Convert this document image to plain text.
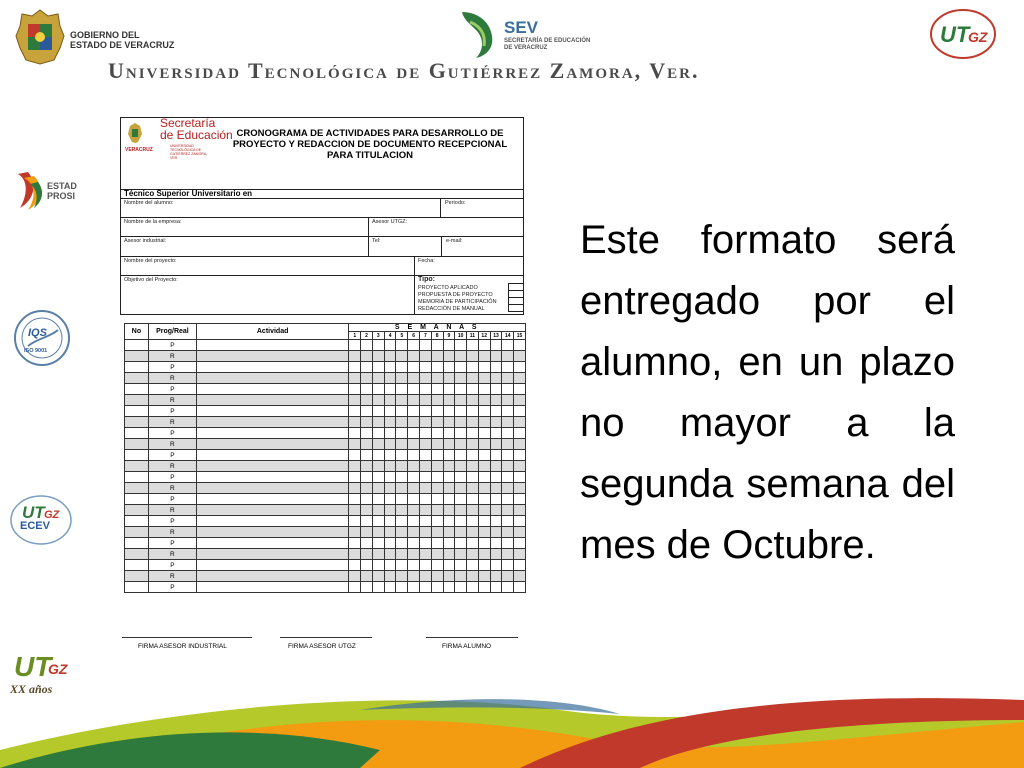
GOBIERNO DEL
ESTADO DE VERACRUZ
SEV
SECRETARÍA DE EDUCACIÓN
DE VERACRUZ
UT
GZ
Universidad Tecnológica de Gutiérrez Zamora, Ver.
ESTAD
PROSI
IQS
ISO 9001
UT GZ
ECEV
UT
GZ
XX años
VERACRUZ
Secretaría
de Educación
UNIVERSIDAD TECNOLÓGICA DE GUTIÉRREZ ZAMORA, VER.
CRONOGRAMA DE ACTIVIDADES PARA DESARROLLO DE PROYECTO Y REDACCION DE DOCUMENTO RECEPCIONAL PARA TITULACION
Técnico Superior Universitario en
Nombre del alumno:	Periodo:
Nombre de la empresa:	Asesor UTGZ:
Asesor industrial:	Tel:	e-mail:
Nombre del proyecto:	Fecha:
Objetivo del Proyecto:	Tipo:
PROYECTO APLICADO
PROPUESTA DE PROYECTO
MEMORIA DE PARTICIPACIÓN
REDACCIÓN DE MANUAL
No	Prog/Real	Actividad	S E M A N A S														
			1	2	3	4	5	6	7	8	9	10	11	12	13	14	15
	P																
	R																
	P																
	R																
	P																
	R																
	P																
	R																
	P																
	R																
	P																
	R																
	P																
	R																
	P																
	R																
	P																
	R																
	P																
	R																
	P																
	R																
	P																
FIRMA ASESOR INDUSTRIAL	FIRMA ASESOR UTGZ	FIRMA ALUMNO
Este formato será entregado por el alumno, en un plazo no mayor a la segunda semana del mes de Octubre.
